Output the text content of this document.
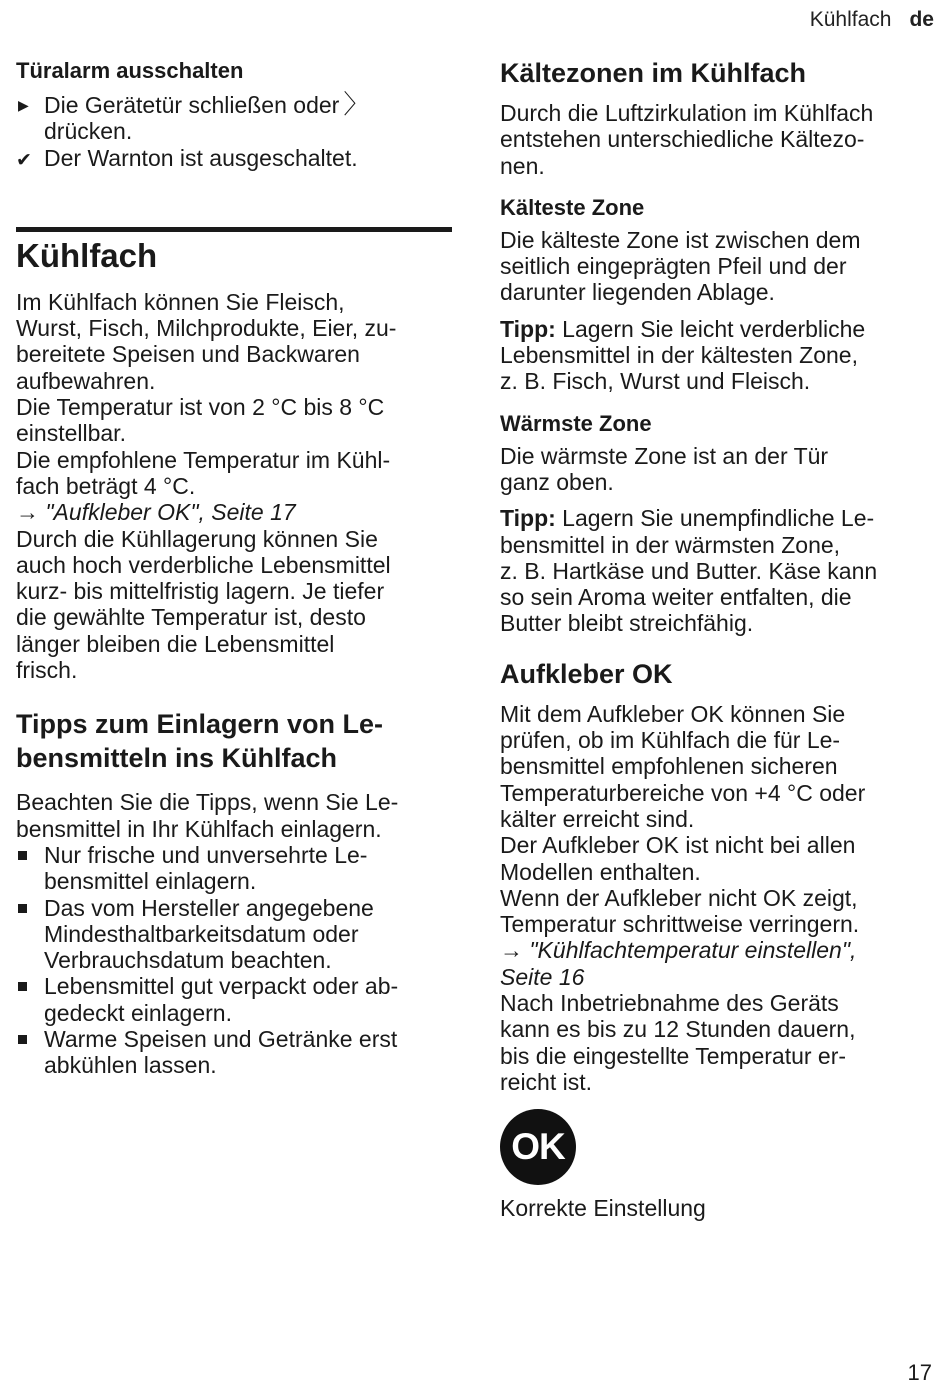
Kühlfach de
Türalarm ausschalten
▶ Die Gerätetür schließen oder 〉
drücken.
✔ Der Warnton ist ausgeschaltet.
Kühlfach

Im Kühlfach können Sie Fleisch,

Wurst, Fisch, Milchprodukte, Eier, zu-

bereitete Speisen und Backwaren

aufbewahren.

Die Temperatur ist von 2 °C bis 8 °C

einstellbar.

Die empfohlene Temperatur im Kühl-

fach beträgt 4 °C.

→ "Aufkleber OK", Seite 17

Durch die Kühllagerung können Sie

auch hoch verderbliche Lebensmittel

kurz- bis mittelfristig lagern. Je tiefer

die gewählte Temperatur ist, desto

länger bleiben die Lebensmittel

frisch.

Tipps zum Einlagern von Le-
bensmitteln ins Kühlfach

Beachten Sie die Tipps, wenn Sie Le-

bensmittel in Ihr Kühlfach einlagern.

Nur frische und unversehrte Le-
bensmittel einlagern.
Das vom Hersteller angegebene
Mindesthaltbarkeitsdatum oder
Verbrauchsdatum beachten.
Lebensmittel gut verpackt oder ab-
gedeckt einlagern.
Warme Speisen und Getränke erst
abkühlen lassen.
Kältezonen im Kühlfach

Durch die Luftzirkulation im Kühlfach

entstehen unterschiedliche Kältezo-

nen.

Kälteste Zone

Die kälteste Zone ist zwischen dem

seitlich eingeprägten Pfeil und der

darunter liegenden Ablage.

Tipp: Lagern Sie leicht verderbliche

Lebensmittel in der kältesten Zone,

z. B. Fisch, Wurst und Fleisch.

Wärmste Zone

Die wärmste Zone ist an der Tür

ganz oben.

Tipp: Lagern Sie unempfindliche Le-

bensmittel in der wärmsten Zone,

z. B. Hartkäse und Butter. Käse kann

so sein Aroma weiter entfalten, die

Butter bleibt streichfähig.

Aufkleber OK

Mit dem Aufkleber OK können Sie

prüfen, ob im Kühlfach die für Le-

bensmittel empfohlenen sicheren

Temperaturbereiche von +4 °C oder

kälter erreicht sind.

Der Aufkleber OK ist nicht bei allen

Modellen enthalten.

Wenn der Aufkleber nicht OK zeigt,

Temperatur schrittweise verringern.

→ "Kühlfachtemperatur einstellen",

Seite 16

Nach Inbetriebnahme des Geräts

kann es bis zu 12 Stunden dauern,

bis die eingestellte Temperatur er-

reicht ist.

OK

Korrekte Einstellung

17
